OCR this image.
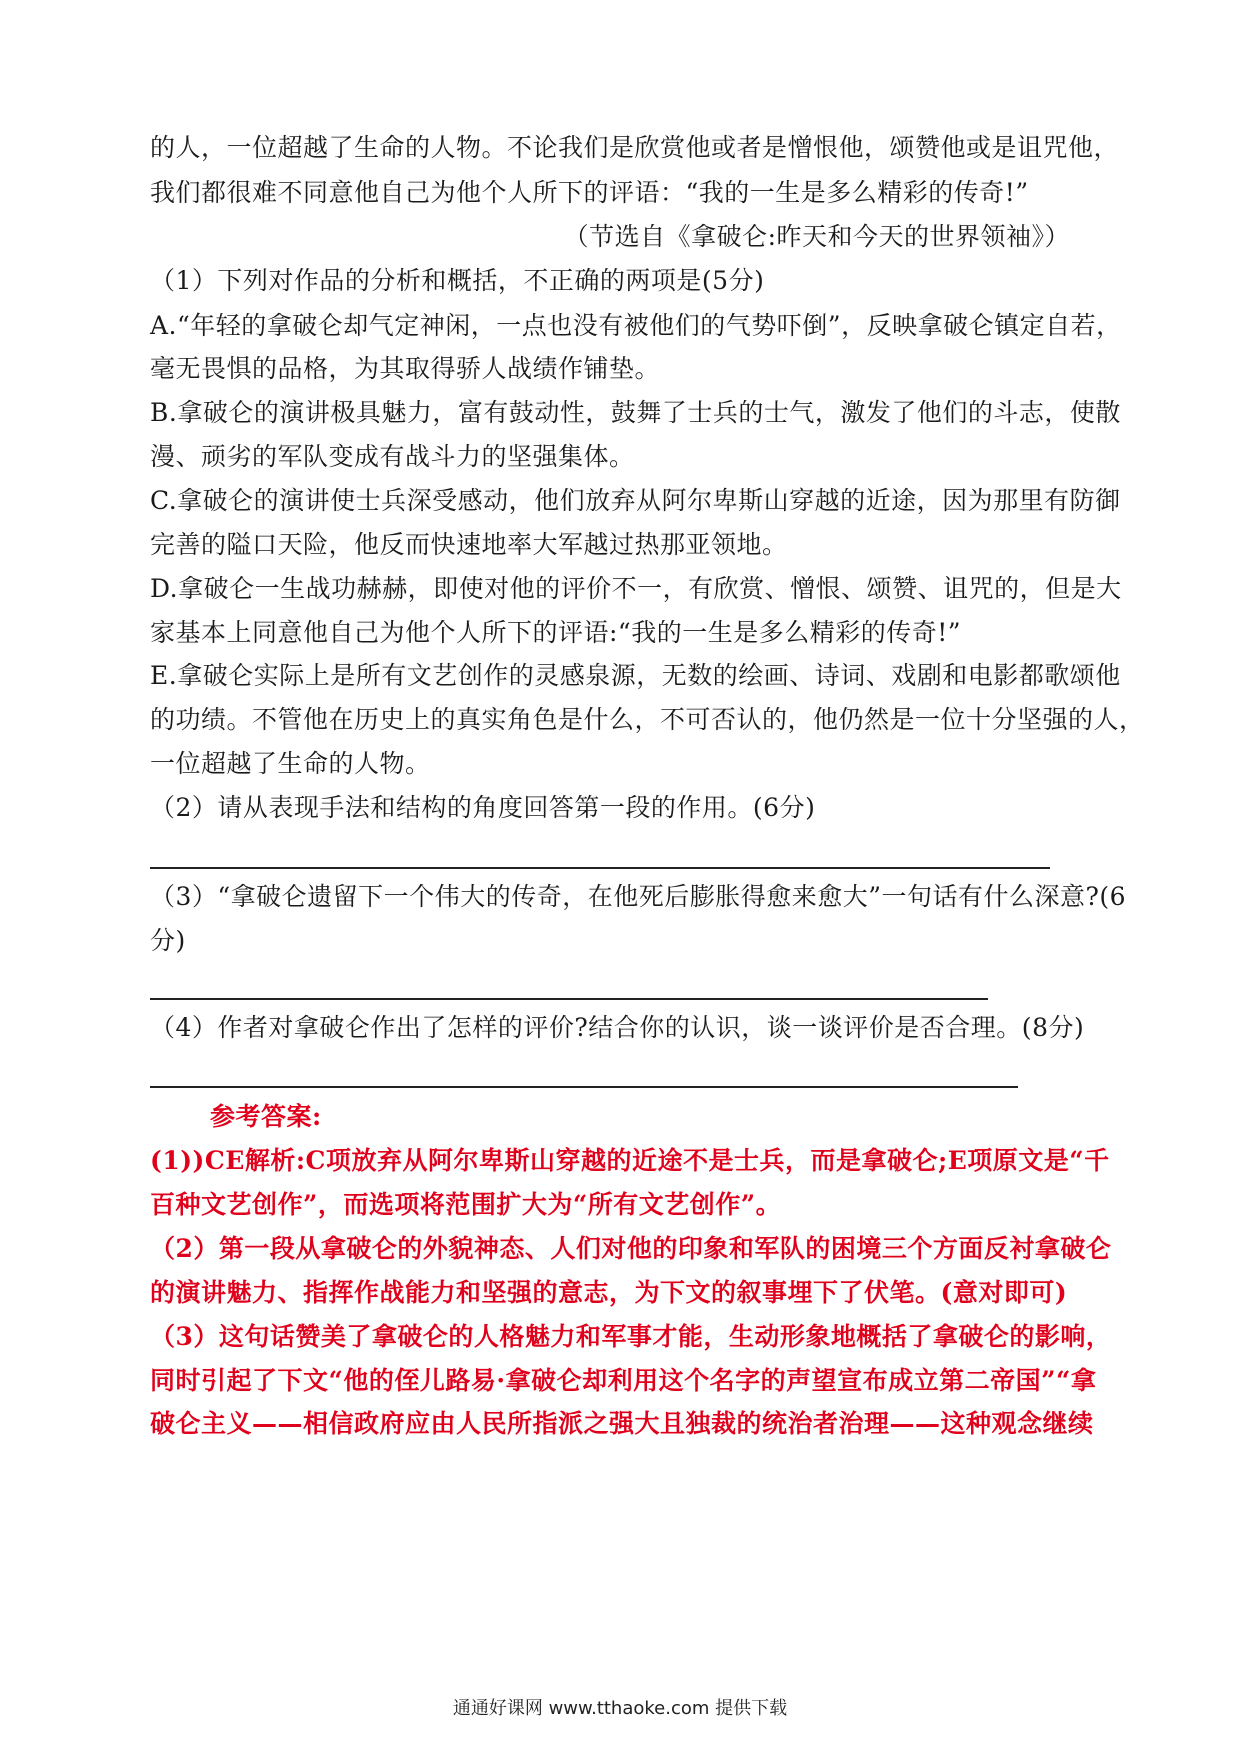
的人，一位超越了生命的人物。不论我们是欣赏他或者是憎恨他，颂赞他或是诅咒他，
我们都很难不同意他自己为他个人所下的评语：“我的一生是多么精彩的传奇!”
（节选自《拿破仑:昨天和今天的世界领袖》）
（1）下列对作品的分析和概括，不正确的两项是(5分)
A.“年轻的拿破仑却气定神闲，一点也没有被他们的气势吓倒”，反映拿破仑镇定自若，
毫无畏惧的品格，为其取得骄人战绩作铺垫。
B.拿破仑的演讲极具魅力，富有鼓动性，鼓舞了士兵的士气，激发了他们的斗志，使散
漫、顽劣的军队变成有战斗力的坚强集体。
C.拿破仑的演讲使士兵深受感动，他们放弃从阿尔卑斯山穿越的近途，因为那里有防御
完善的隘口天险，他反而快速地率大军越过热那亚领地。
D.拿破仑一生战功赫赫，即使对他的评价不一，有欣赏、憎恨、颂赞、诅咒的，但是大
家基本上同意他自己为他个人所下的评语:“我的一生是多么精彩的传奇!”
E.拿破仑实际上是所有文艺创作的灵感泉源，无数的绘画、诗词、戏剧和电影都歌颂他
的功绩。不管他在历史上的真实角色是什么，不可否认的，他仍然是一位十分坚强的人，
一位超越了生命的人物。
（2）请从表现手法和结构的角度回答第一段的作用。(6分)
（3）“拿破仑遗留下一个伟大的传奇，在他死后膨胀得愈来愈大”一句话有什么深意?(6
分)
（4）作者对拿破仑作出了怎样的评价?结合你的认识，谈一谈评价是否合理。(8分)
参考答案:
(1))CE解析:C项放弃从阿尔卑斯山穿越的近途不是士兵，而是拿破仑;E项原文是“千
百种文艺创作”，而选项将范围扩大为“所有文艺创作”。
（2）第一段从拿破仑的外貌神态、人们对他的印象和军队的困境三个方面反衬拿破仑
的演讲魅力、指挥作战能力和坚强的意志，为下文的叙事埋下了伏笔。(意对即可)
（3）这句话赞美了拿破仑的人格魅力和军事才能，生动形象地概括了拿破仑的影响，
同时引起了下文“他的侄儿路易·拿破仑却利用这个名字的声望宣布成立第二帝国”“拿
破仑主义——相信政府应由人民所指派之强大且独裁的统治者治理——这种观念继续
通通好课网 www.tthaoke.com 提供下载
